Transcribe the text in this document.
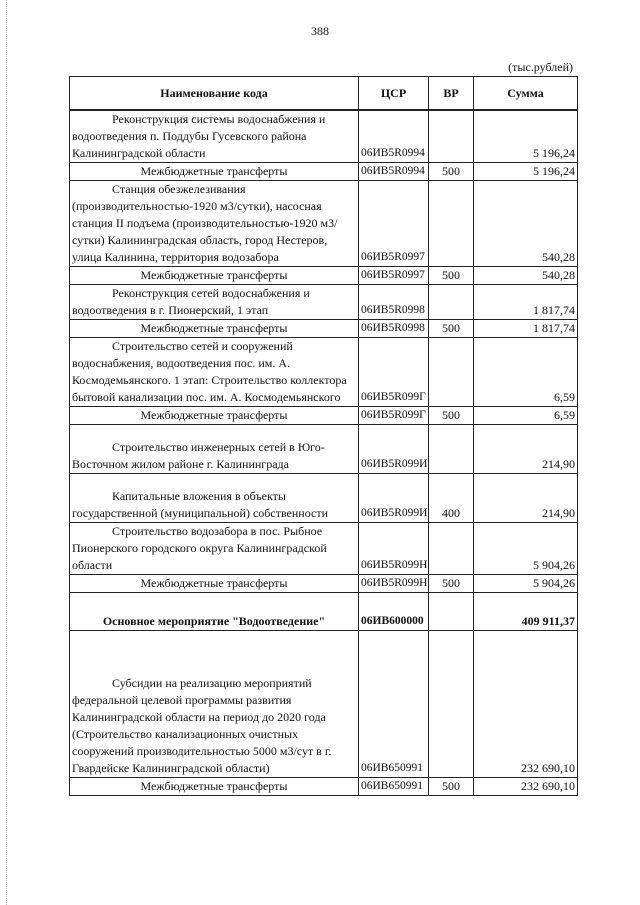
388
(тыс.рублей)
Наименование кода	ЦСР	ВР	Сумма
Реконструкция системы водоснабжения и водоотведения п. Поддубы Гусевского района Калининградской области	06ИВ5R0994		5 196,24
Межбюджетные трансферты	06ИВ5R0994	500	5 196,24
Станция обезжелезивания (производительностью-1920 м3/сутки), насосная станция II подъема (производительностью-1920 м3/сутки) Калининградская область, город Нестеров, улица Калинина, территория водозабора	06ИВ5R0997		540,28
Межбюджетные трансферты	06ИВ5R0997	500	540,28
Реконструкция сетей водоснабжения и водоотведения в г. Пионерский, 1 этап	06ИВ5R0998		1 817,74
Межбюджетные трансферты	06ИВ5R0998	500	1 817,74
Строительство сетей и сооружений водоснабжения, водоотведения пос. им. А. Космодемьянского. 1 этап: Строительство коллектора бытовой канализации пос. им. А. Космодемьянского	06ИВ5R099Г		6,59
Межбюджетные трансферты	06ИВ5R099Г	500	6,59
Строительство инженерных сетей в Юго-Восточном жилом районе г. Калининграда	06ИВ5R099И		214,90
Капитальные вложения в объекты государственной (муниципальной) собственности	06ИВ5R099И	400	214,90
Строительство водозабора в пос. Рыбное Пионерского городского округа Калининградской области	06ИВ5R099Н		5 904,26
Межбюджетные трансферты	06ИВ5R099Н	500	5 904,26
Основное мероприятие "Водоотведение"	06ИВ600000		409 911,37
Субсидии на реализацию мероприятий федеральной целевой программы развития Калининградской области на период до 2020 года (Строительство канализационных очистных сооружений производительностью 5000 м3/сут в г. Гвардейске Калининградской области)	06ИВ650991		232 690,10
Межбюджетные трансферты	06ИВ650991	500	232 690,10
